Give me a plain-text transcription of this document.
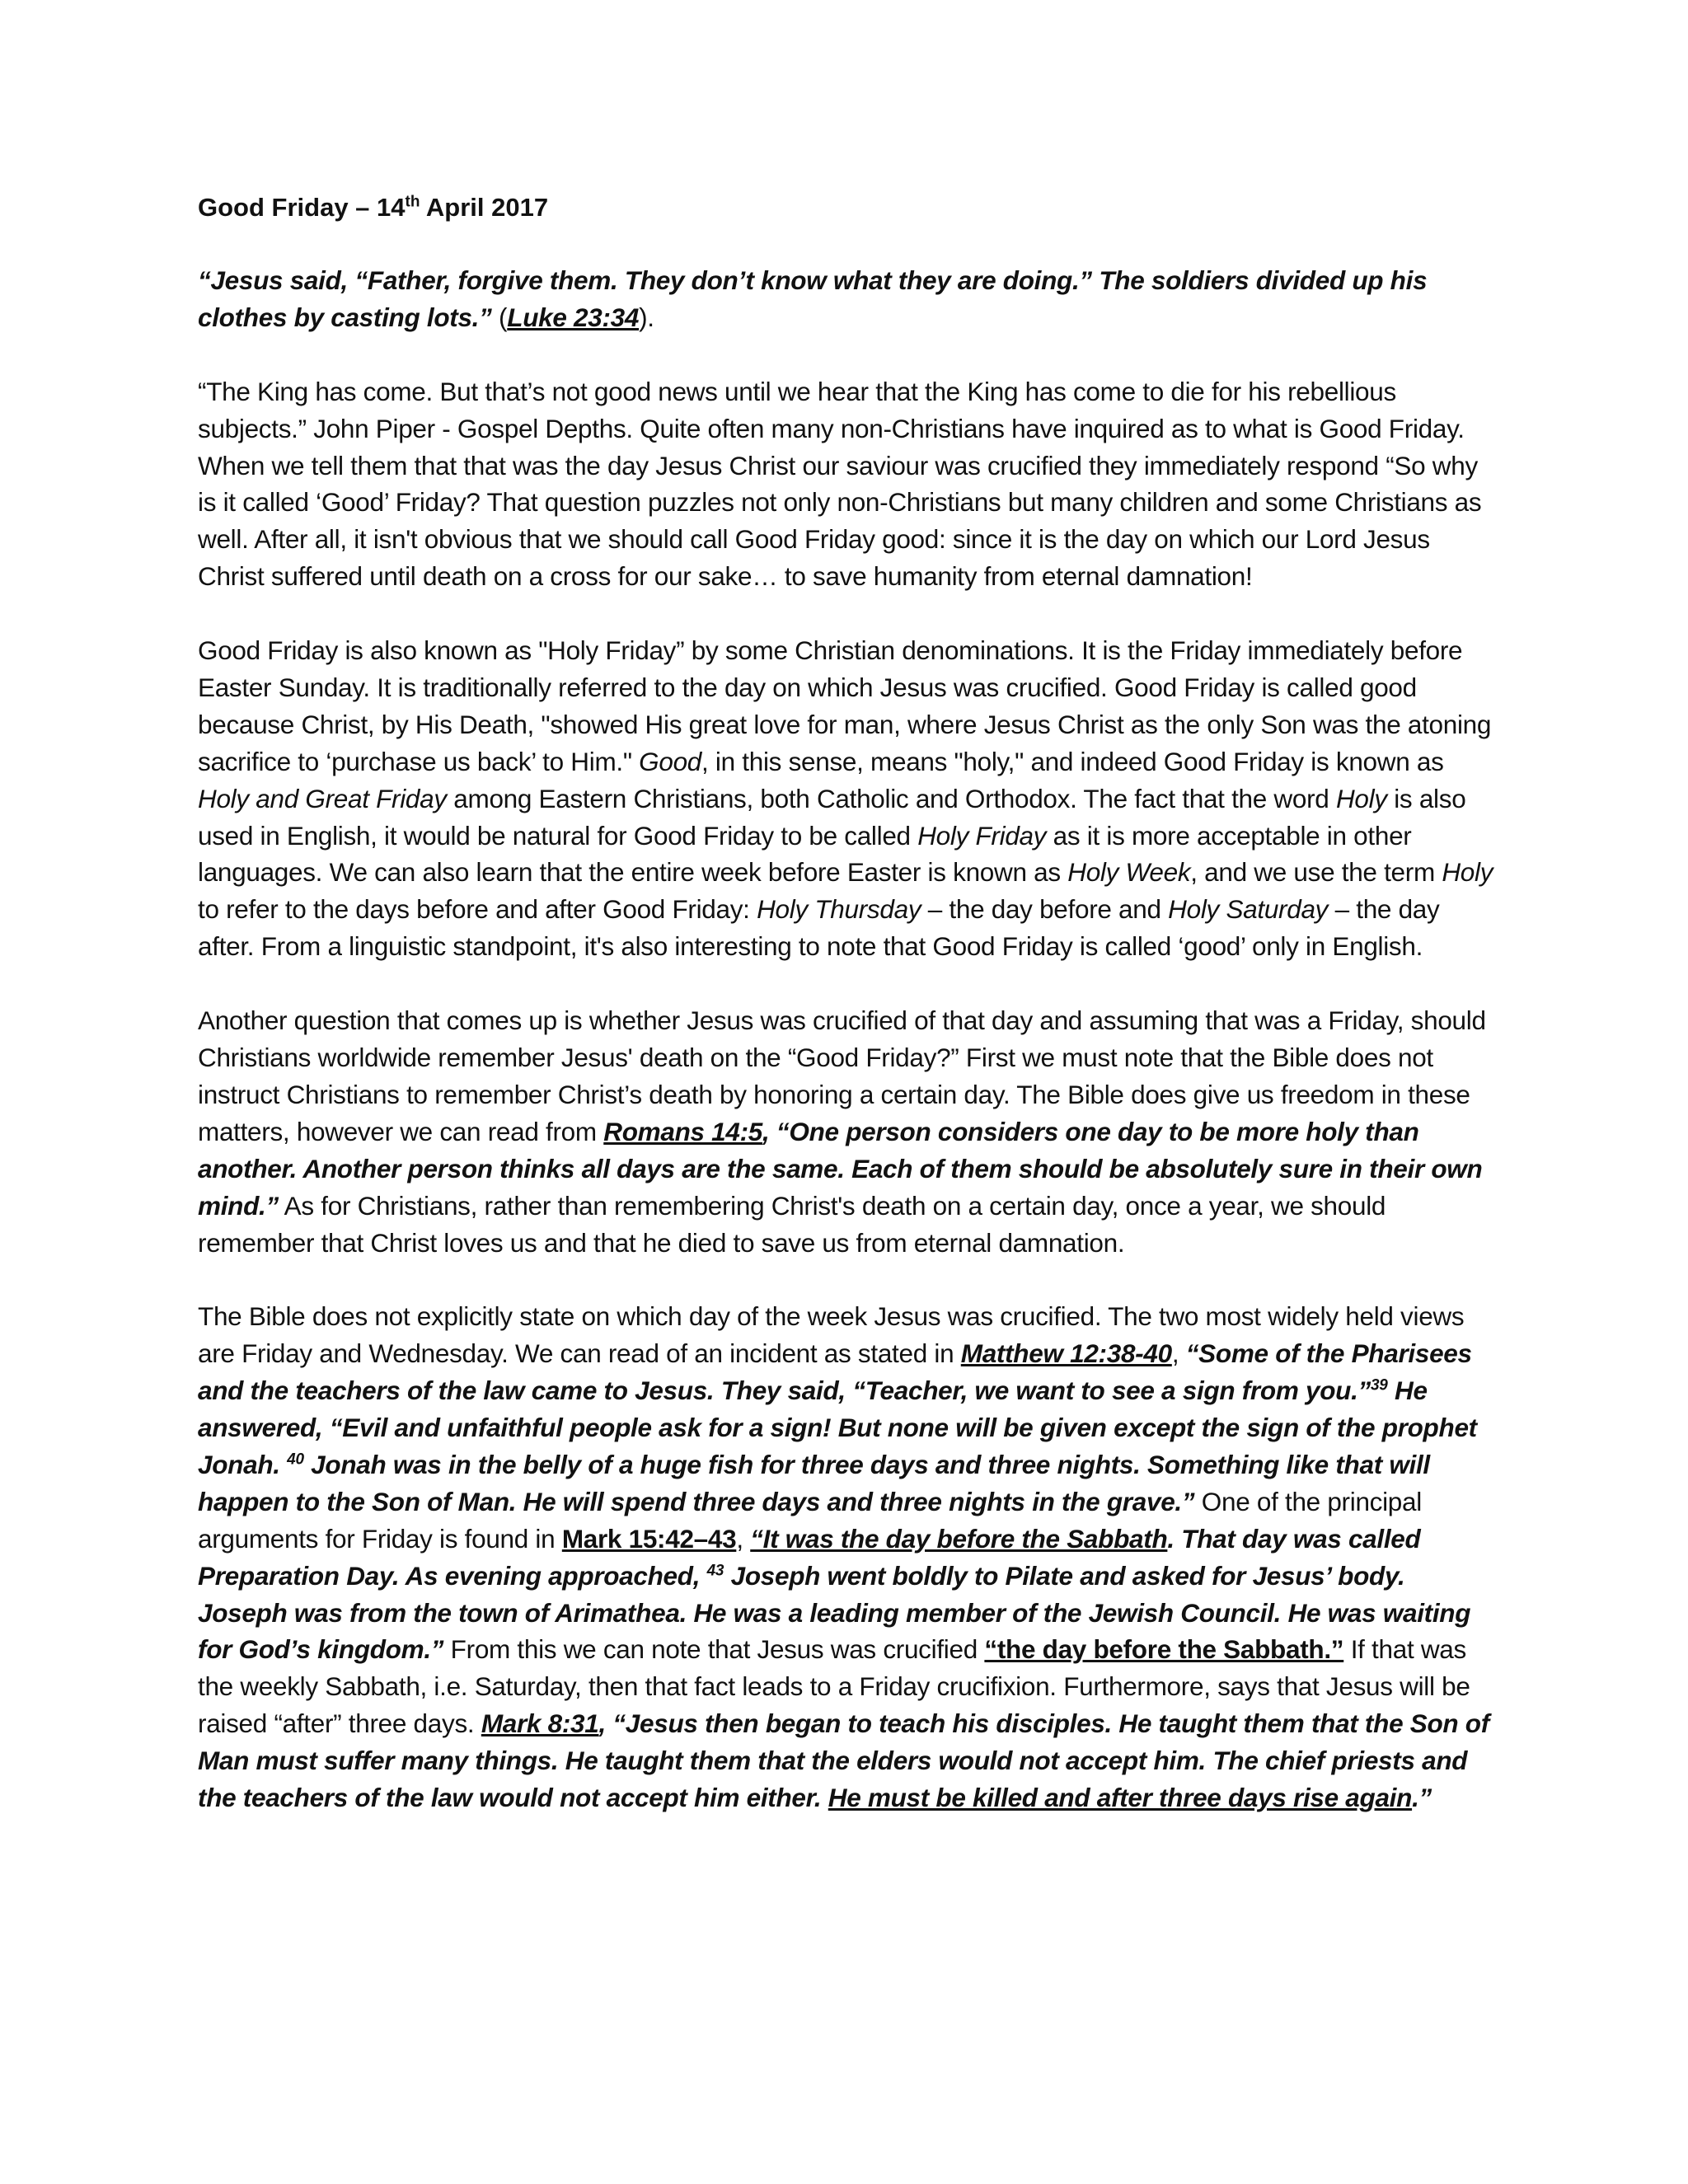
Good Friday – 14th April 2017

“Jesus said, “Father, forgive them. They don’t know what they are doing.” The soldiers divided up his clothes by casting lots.” (Luke 23:34).

“The King has come. But that’s not good news until we hear that the King has come to die for his rebellious subjects.” John Piper - Gospel Depths. Quite often many non-Christians have inquired as to what is Good Friday. When we tell them that that was the day Jesus Christ our saviour was crucified they immediately respond “So why is it called ‘Good’ Friday? That question puzzles not only non-Christians but many children and some Christians as well. After all, it isn't obvious that we should call Good Friday good: since it is the day on which our Lord Jesus Christ suffered until death on a cross for our sake… to save humanity from eternal damnation!

Good Friday is also known as "Holy Friday” by some Christian denominations. It is the Friday immediately before Easter Sunday. It is traditionally referred to the day on which Jesus was crucified. Good Friday is called good because Christ, by His Death, "showed His great love for man, where Jesus Christ as the only Son was the atoning sacrifice to ‘purchase us back’ to Him." Good, in this sense, means "holy," and indeed Good Friday is known as Holy and Great Friday among Eastern Christians, both Catholic and Orthodox. The fact that the word Holy is also used in English, it would be natural for Good Friday to be called Holy Friday as it is more acceptable in other languages. We can also learn that the entire week before Easter is known as Holy Week, and we use the term Holy to refer to the days before and after Good Friday: Holy Thursday – the day before and Holy Saturday – the day after. From a linguistic standpoint, it's also interesting to note that Good Friday is called ‘good’ only in English.

Another question that comes up is whether Jesus was crucified of that day and assuming that was a Friday, should Christians worldwide remember Jesus' death on the “Good Friday?” First we must note that the Bible does not instruct Christians to remember Christ’s death by honoring a certain day. The Bible does give us freedom in these matters, however we can read from Romans 14:5, “One person considers one day to be more holy than another. Another person thinks all days are the same. Each of them should be absolutely sure in their own mind.” As for Christians, rather than remembering Christ's death on a certain day, once a year, we should remember that Christ loves us and that he died to save us from eternal damnation.

The Bible does not explicitly state on which day of the week Jesus was crucified. The two most widely held views are Friday and Wednesday. We can read of an incident as stated in Matthew 12:38-40, “Some of the Pharisees and the teachers of the law came to Jesus. They said, “Teacher, we want to see a sign from you.”$^{39}$ He answered, “Evil and unfaithful people ask for a sign! But none will be given except the sign of the prophet Jonah. $^{40}$ Jonah was in the belly of a huge fish for three days and three nights. Something like that will happen to the Son of Man. He will spend three days and three nights in the grave.” One of the principal arguments for Friday is found in Mark 15:42–43, “It was the day before the Sabbath. That day was called Preparation Day. As evening approached, $^{43}$ Joseph went boldly to Pilate and asked for Jesus’ body. Joseph was from the town of Arimathea. He was a leading member of the Jewish Council. He was waiting for God’s kingdom.” From this we can note that Jesus was crucified “the day before the Sabbath.” If that was the weekly Sabbath, i.e. Saturday, then that fact leads to a Friday crucifixion. Furthermore, says that Jesus will be raised “after” three days. Mark 8:31, “Jesus then began to teach his disciples. He taught them that the Son of Man must suffer many things. He taught them that the elders would not accept him. The chief priests and the teachers of the law would not accept him either. He must be killed and after three days rise again.”
